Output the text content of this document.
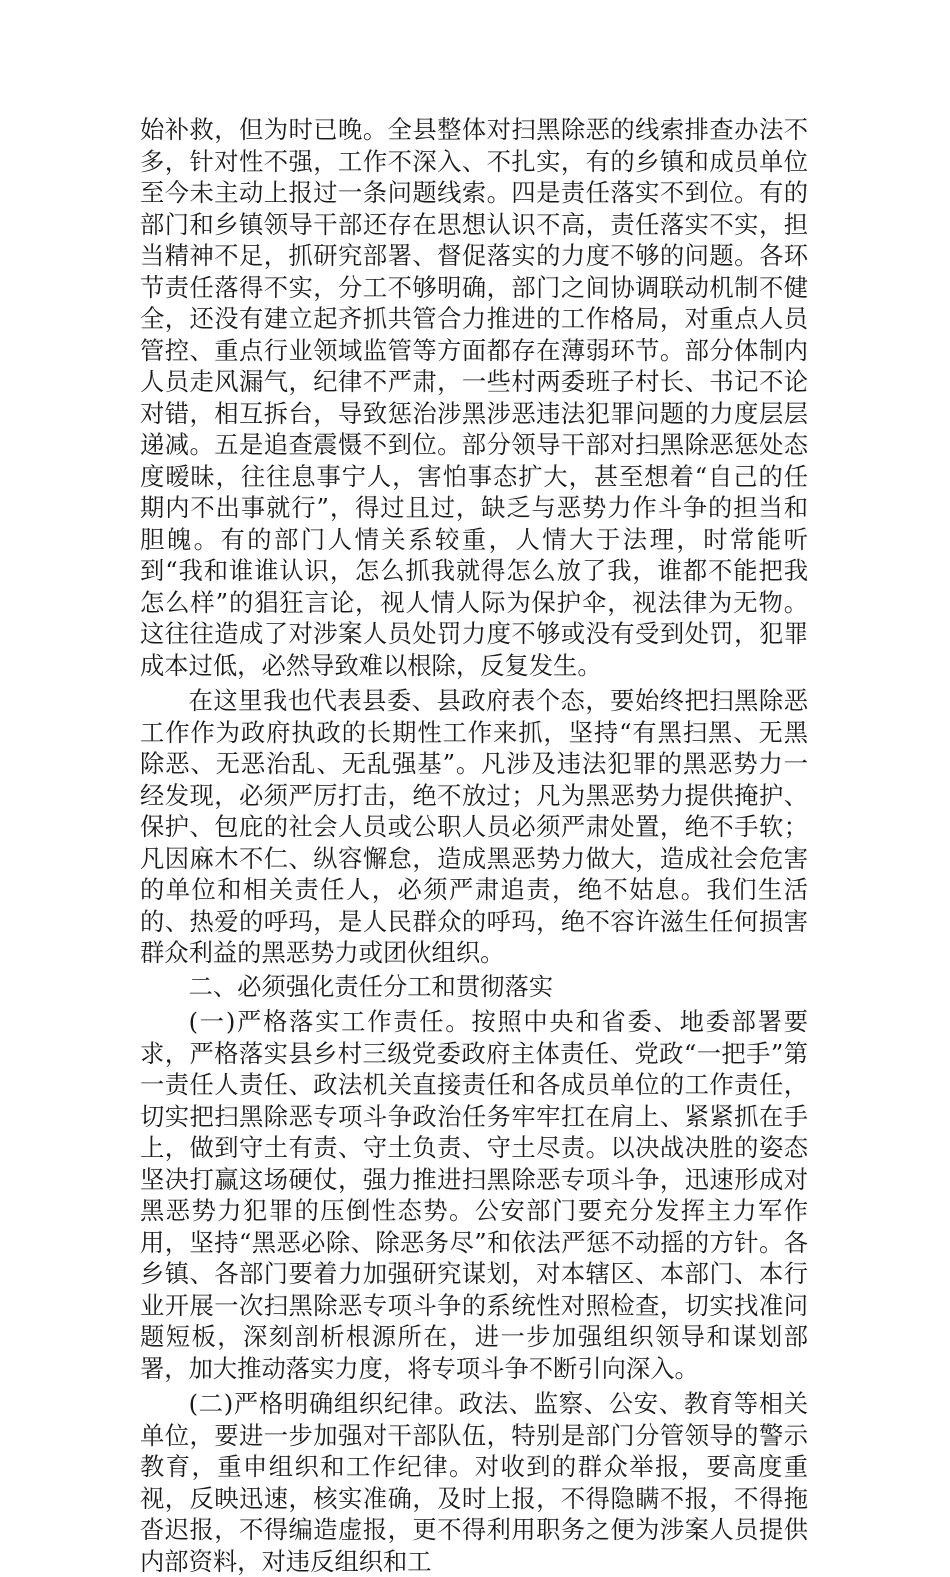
始补救，但为时已晚。全县整体对扫黑除恶的线索排查办法不多，针对性不强，工作不深入、不扎实，有的乡镇和成员单位至今未主动上报过一条问题线索。四是责任落实不到位。有的部门和乡镇领导干部还存在思想认识不高，责任落实不实，担当精神不足，抓研究部署、督促落实的力度不够的问题。各环节责任落得不实，分工不够明确，部门之间协调联动机制不健全，还没有建立起齐抓共管合力推进的工作格局，对重点人员管控、重点行业领域监管等方面都存在薄弱环节。部分体制内人员走风漏气，纪律不严肃，一些村两委班子村长、书记不论对错，相互拆台，导致惩治涉黑涉恶违法犯罪问题的力度层层递减。五是追查震慑不到位。部分领导干部对扫黑除恶惩处态度暧昧，往往息事宁人，害怕事态扩大，甚至想着“自己的任期内不出事就行”，得过且过，缺乏与恶势力作斗争的担当和胆魄。有的部门人情关系较重，人情大于法理，时常能听到“我和谁谁认识，怎么抓我就得怎么放了我，谁都不能把我怎么样”的猖狂言论，视人情人际为保护伞，视法律为无物。这往往造成了对涉案人员处罚力度不够或没有受到处罚，犯罪成本过低，必然导致难以根除，反复发生。

在这里我也代表县委、县政府表个态，要始终把扫黑除恶工作作为政府执政的长期性工作来抓，坚持“有黑扫黑、无黑除恶、无恶治乱、无乱强基”。凡涉及违法犯罪的黑恶势力一经发现，必须严厉打击，绝不放过；凡为黑恶势力提供掩护、保护、包庇的社会人员或公职人员必须严肃处置，绝不手软；凡因麻木不仁、纵容懈怠，造成黑恶势力做大，造成社会危害的单位和相关责任人，必须严肃追责，绝不姑息。我们生活的、热爱的呼玛，是人民群众的呼玛，绝不容许滋生任何损害群众利益的黑恶势力或团伙组织。

二、必须强化责任分工和贯彻落实

(一)严格落实工作责任。按照中央和省委、地委部署要求，严格落实县乡村三级党委政府主体责任、党政“一把手”第一责任人责任、政法机关直接责任和各成员单位的工作责任，切实把扫黑除恶专项斗争政治任务牢牢扛在肩上、紧紧抓在手上，做到守土有责、守土负责、守土尽责。以决战决胜的姿态坚决打赢这场硬仗，强力推进扫黑除恶专项斗争，迅速形成对黑恶势力犯罪的压倒性态势。公安部门要充分发挥主力军作用，坚持“黑恶必除、除恶务尽”和依法严惩不动摇的方针。各乡镇、各部门要着力加强研究谋划，对本辖区、本部门、本行业开展一次扫黑除恶专项斗争的系统性对照检查，切实找准问题短板，深刻剖析根源所在，进一步加强组织领导和谋划部署，加大推动落实力度，将专项斗争不断引向深入。

(二)严格明确组织纪律。政法、监察、公安、教育等相关单位，要进一步加强对干部队伍，特别是部门分管领导的警示教育，重申组织和工作纪律。对收到的群众举报，要高度重视，反映迅速，核实准确，及时上报，不得隐瞒不报，不得拖沓迟报，不得编造虚报，更不得利用职务之便为涉案人员提供内部资料，对违反组织和工
